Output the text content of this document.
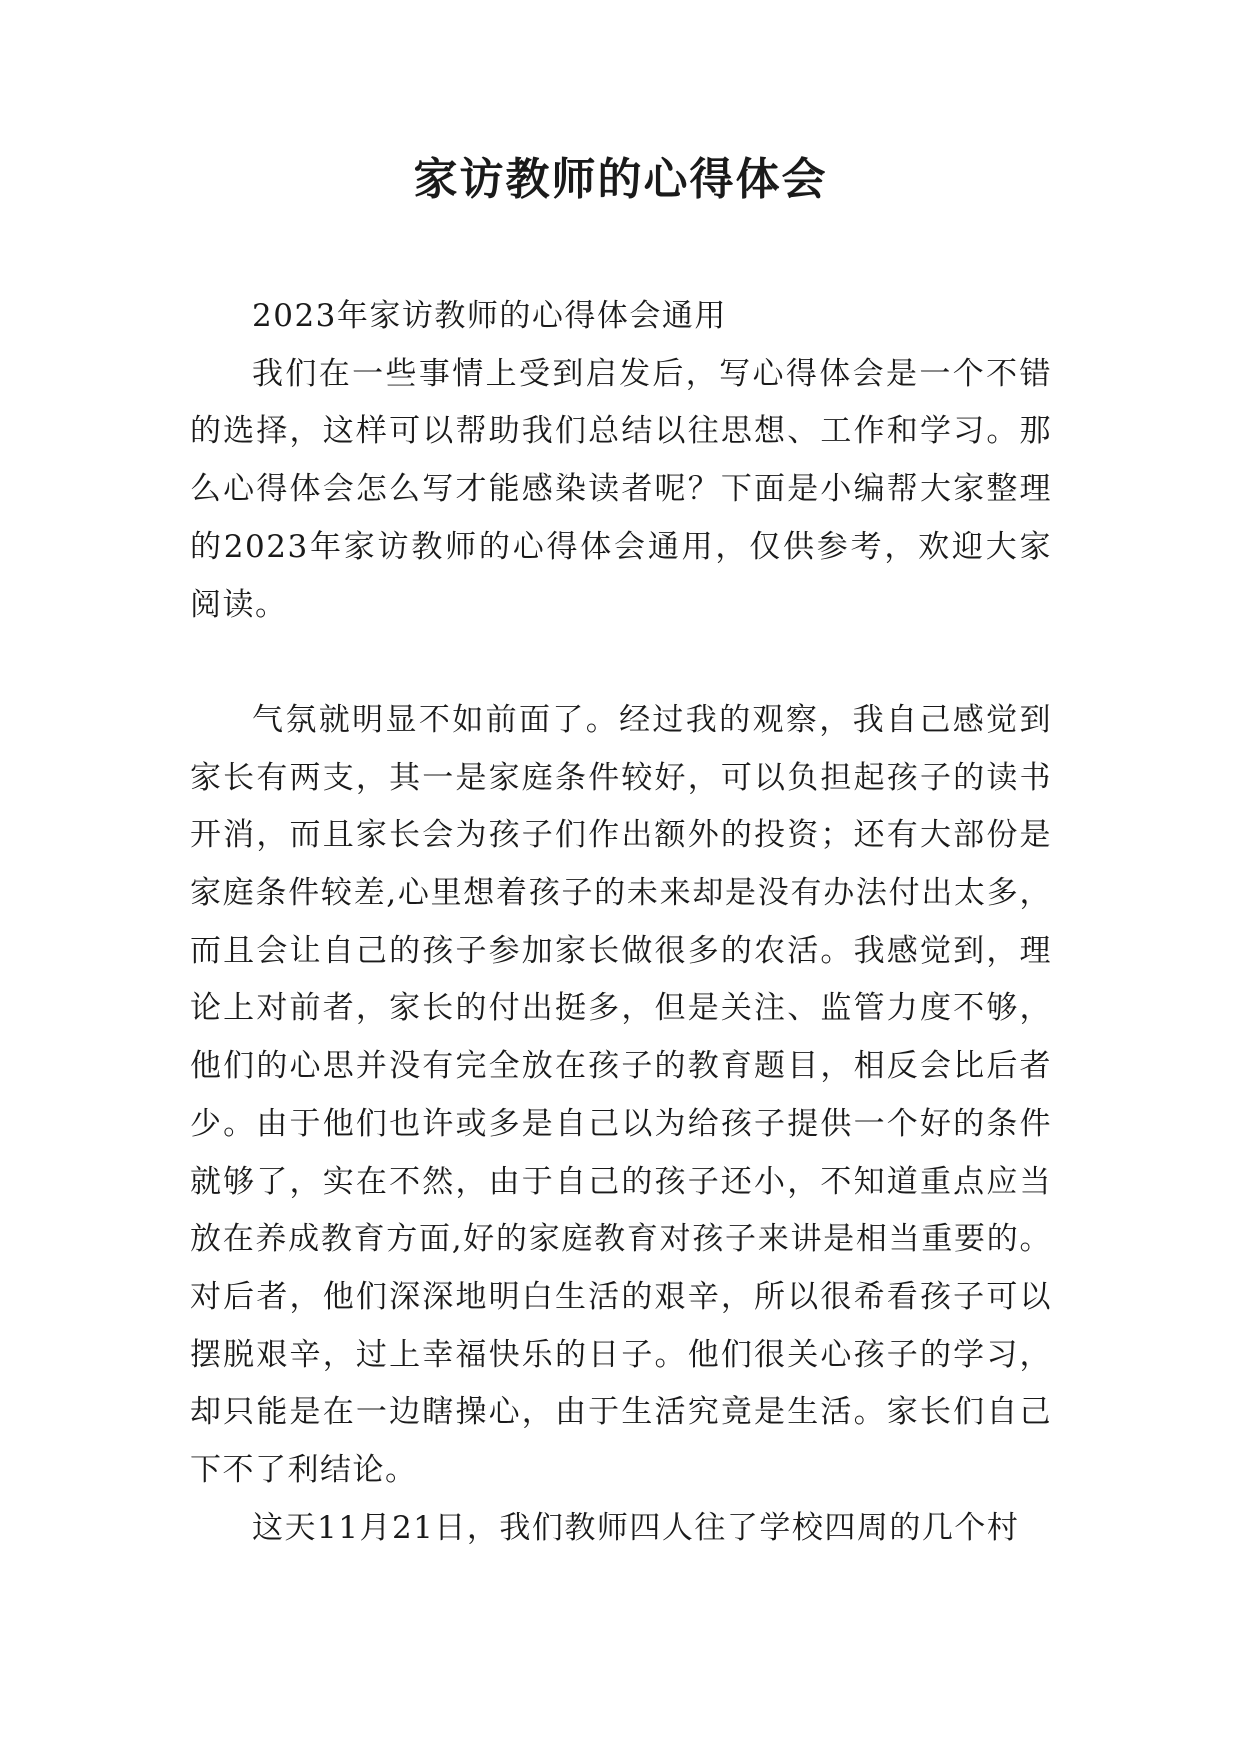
家访教师的心得体会

2023年家访教师的心得体会通用

我们在一些事情上受到启发后，写心得体会是一个不错的选择，这样可以帮助我们总结以往思想、工作和学习。那么心得体会怎么写才能感染读者呢？下面是小编帮大家整理的2023年家访教师的心得体会通用，仅供参考，欢迎大家阅读。

气氛就明显不如前面了。经过我的观察，我自己感觉到家长有两支，其一是家庭条件较好，可以负担起孩子的读书开消，而且家长会为孩子们作出额外的投资；还有大部份是家庭条件较差,心里想着孩子的未来却是没有办法付出太多，而且会让自己的孩子参加家长做很多的农活。我感觉到，理论上对前者，家长的付出挺多，但是关注、监管力度不够，他们的心思并没有完全放在孩子的教育题目，相反会比后者少。由于他们也许或多是自己以为给孩子提供一个好的条件就够了，实在不然，由于自己的孩子还小，不知道重点应当放在养成教育方面,好的家庭教育对孩子来讲是相当重要的。对后者，他们深深地明白生活的艰辛，所以很希看孩子可以摆脱艰辛，过上幸福快乐的日子。他们很关心孩子的学习，却只能是在一边瞎操心，由于生活究竟是生活。家长们自己下不了利结论。

这天11月21日，我们教师四人往了学校四周的几个村
